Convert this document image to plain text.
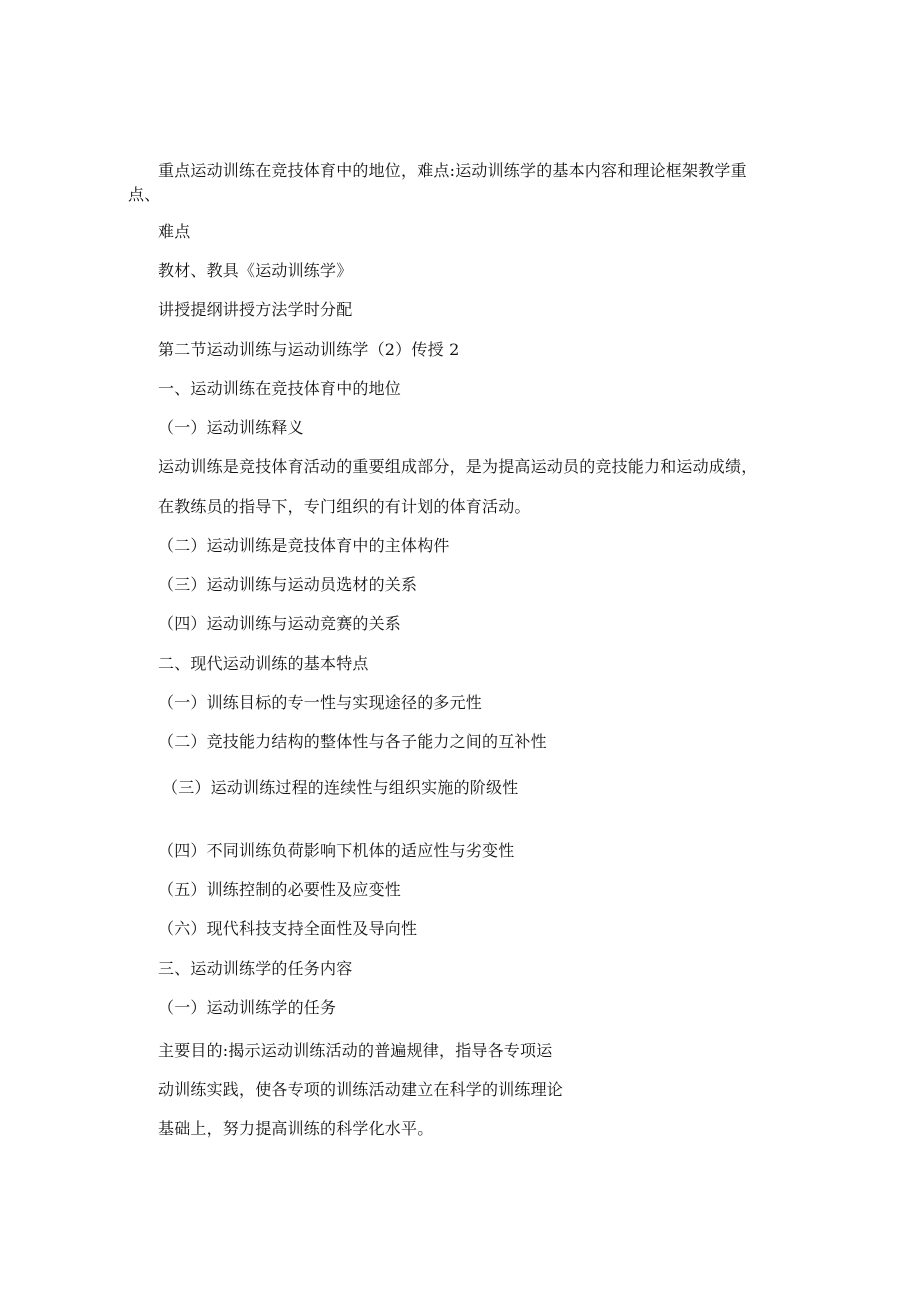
重点运动训练在竞技体育中的地位，难点:运动训练学的基本内容和理论框架教学重
点、
难点
教材、教具《运动训练学》
讲授提纲讲授方法学时分配
第二节运动训练与运动训练学（2）传授 2
一、运动训练在竞技体育中的地位
（一）运动训练释义
运动训练是竞技体育活动的重要组成部分，是为提高运动员的竞技能力和运动成绩，
在教练员的指导下，专门组织的有计划的体育活动。
（二）运动训练是竞技体育中的主体构件
（三）运动训练与运动员选材的关系
（四）运动训练与运动竞赛的关系
二、现代运动训练的基本特点
（一）训练目标的专一性与实现途径的多元性
（二）竞技能力结构的整体性与各子能力之间的互补性
（三）运动训练过程的连续性与组织实施的阶级性
（四）不同训练负荷影响下机体的适应性与劣变性
（五）训练控制的必要性及应变性
（六）现代科技支持全面性及导向性
三、运动训练学的任务内容
（一）运动训练学的任务
主要目的:揭示运动训练活动的普遍规律，指导各专项运
动训练实践，使各专项的训练活动建立在科学的训练理论
基础上，努力提高训练的科学化水平。
